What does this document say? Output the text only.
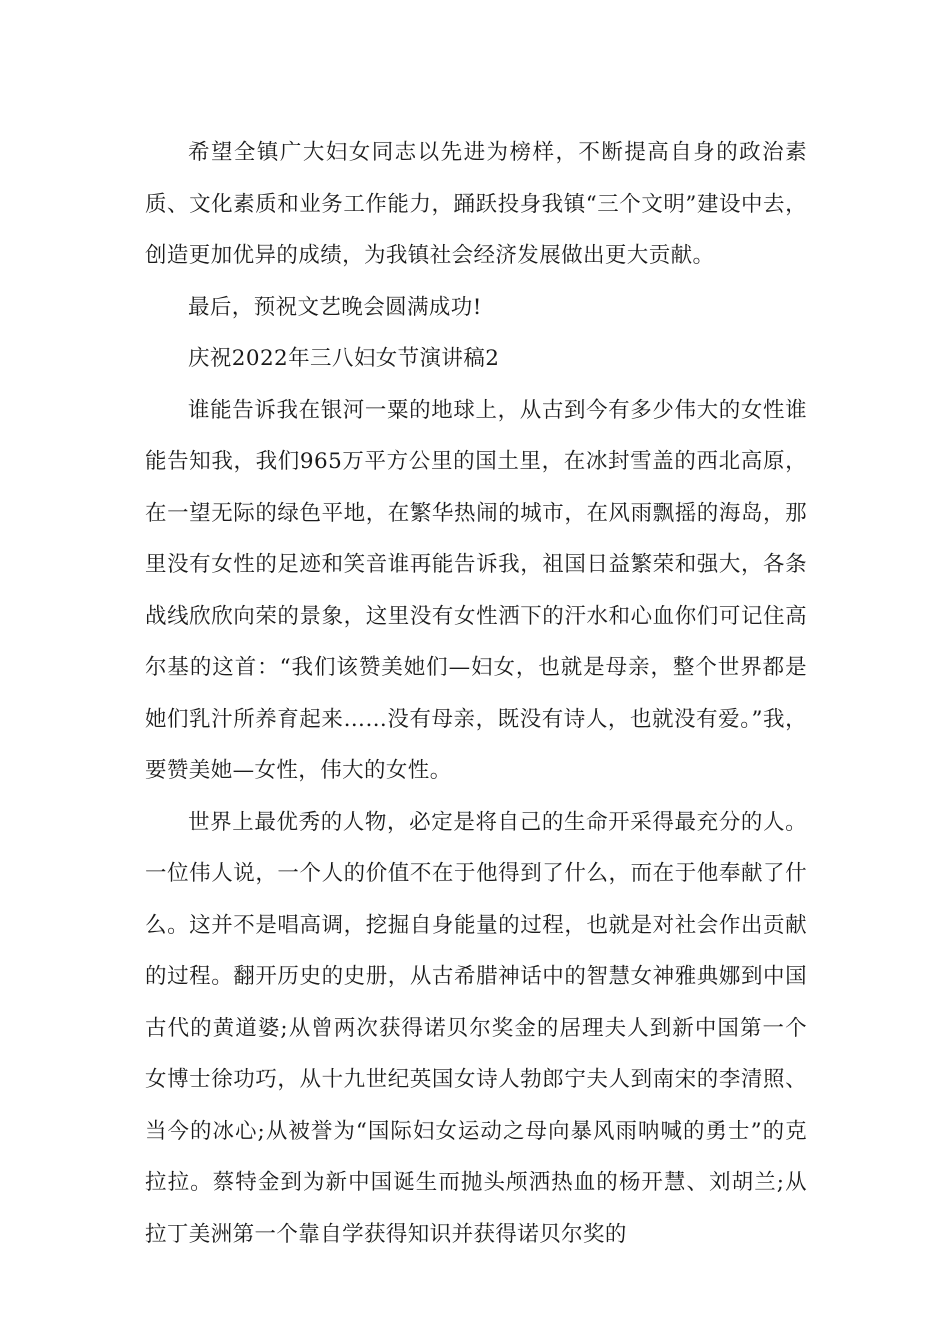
希望全镇广大妇女同志以先进为榜样，不断提高自身的政治素质、文化素质和业务工作能力，踊跃投身我镇“三个文明”建设中去，创造更加优异的成绩，为我镇社会经济发展做出更大贡献。

最后，预祝文艺晚会圆满成功!

庆祝2022年三八妇女节演讲稿2

谁能告诉我在银河一粟的地球上，从古到今有多少伟大的女性谁能告知我，我们965万平方公里的国土里，在冰封雪盖的西北高原，在一望无际的绿色平地，在繁华热闹的城市，在风雨飘摇的海岛，那里没有女性的足迹和笑音谁再能告诉我，祖国日益繁荣和强大，各条战线欣欣向荣的景象，这里没有女性洒下的汗水和心血你们可记住高尔基的这首：“我们该赞美她们—妇女，也就是母亲，整个世界都是她们乳汁所养育起来……没有母亲，既没有诗人，也就没有爱。”我，要赞美她—女性，伟大的女性。

世界上最优秀的人物，必定是将自己的生命开采得最充分的人。一位伟人说，一个人的价值不在于他得到了什么，而在于他奉献了什么。这并不是唱高调，挖掘自身能量的过程，也就是对社会作出贡献的过程。翻开历史的史册，从古希腊神话中的智慧女神雅典娜到中国古代的黄道婆;从曾两次获得诺贝尔奖金的居理夫人到新中国第一个女博士徐功巧，从十九世纪英国女诗人勃郎宁夫人到南宋的李清照、当今的冰心;从被誉为“国际妇女运动之母向暴风雨呐喊的勇士”的克拉拉。蔡特金到为新中国诞生而抛头颅洒热血的杨开慧、刘胡兰;从拉丁美洲第一个靠自学获得知识并获得诺贝尔奖的
